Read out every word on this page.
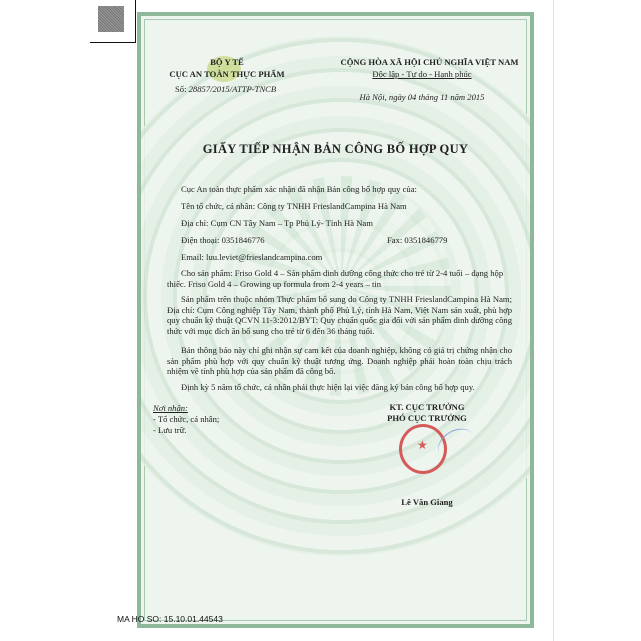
BỘ Y TẾ
CỤC AN TOÀN THỰC PHẨM
Số: 28857/2015/ATTP-TNCB
CỘNG HÒA XÃ HỘI CHỦ NGHĨA VIỆT NAM
Độc lập - Tự do - Hạnh phúc
Hà Nội, ngày 04 tháng 11 năm 2015
GIẤY TIẾP NHẬN BẢN CÔNG BỐ HỢP QUY

Cục An toàn thực phẩm xác nhận đã nhận Bản công bố hợp quy của:

Tên tổ chức, cá nhân: Công ty TNHH FrieslandCampina Hà Nam

Địa chỉ: Cụm CN Tây Nam – Tp Phủ Lý- Tỉnh Hà Nam

Điện thoại: 0351846776	Fax: 0351846779

Email: luu.leviet@frieslandcampina.com

Cho sản phẩm: Friso Gold 4 – Sản phẩm dinh dưỡng công thức cho trẻ từ 2-4 tuổi – dạng hộp thiếc. Friso Gold 4 – Growing up formula from 2-4 years – tin

Sản phẩm trên thuộc nhóm Thực phẩm bổ sung do Công ty TNHH FrieslandCampina Hà Nam; Địa chỉ: Cụm Công nghiệp Tây Nam, thành phố Phủ Lý, tỉnh Hà Nam, Việt Nam sản xuất, phù hợp quy chuẩn kỹ thuật QCVN 11-3:2012/BYT: Quy chuẩn quốc gia đối với sản phẩm dinh dưỡng công thức với mục đích ăn bổ sung cho trẻ từ 6 đến 36 tháng tuổi.

Bản thông báo này chỉ ghi nhận sự cam kết của doanh nghiệp, không có giá trị chứng nhận cho sản phẩm phù hợp với quy chuẩn kỹ thuật tương ứng. Doanh nghiệp phải hoàn toàn chịu trách nhiệm về tính phù hợp của sản phẩm đã công bố.

Định kỳ 5 năm tổ chức, cá nhân phải thực hiện lại việc đăng ký bản công bố hợp quy.

Nơi nhận:
- Tổ chức, cá nhân;
- Lưu trữ.
KT. CỤC TRƯỞNG
PHÓ CỤC TRƯỞNG
★
Lê Văn Giang
MA HO SO: 15.10.01.44543
